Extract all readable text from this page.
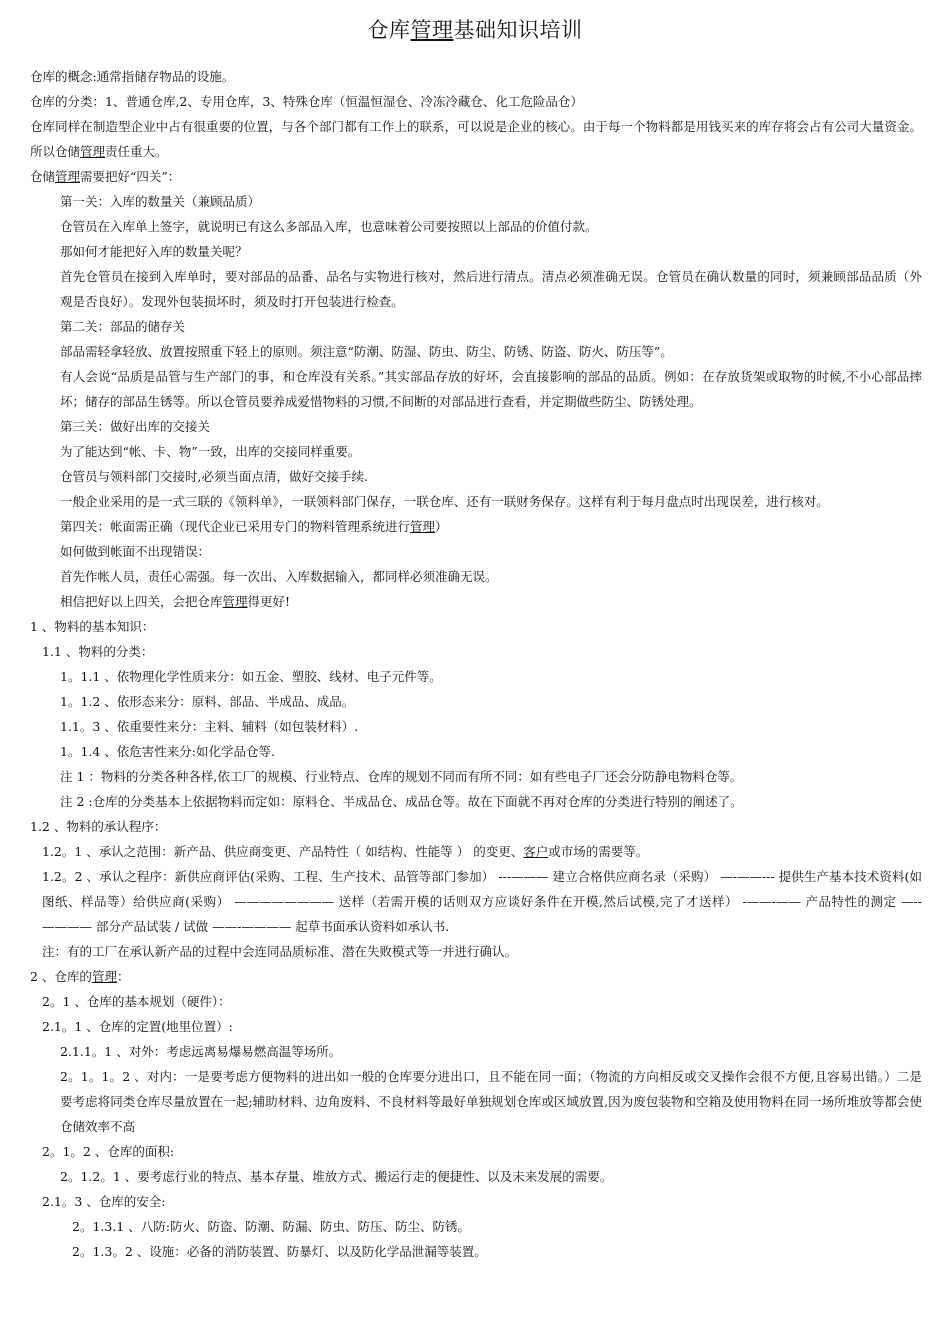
仓库管理基础知识培训

仓库的概念:通常指储存物品的设施。

仓库的分类：1、普通仓库,2、专用仓库，3、特殊仓库（恒温恒湿仓、冷冻冷藏仓、化工危险品仓）

仓库同样在制造型企业中占有很重要的位置，与各个部门都有工作上的联系，可以说是企业的核心。由于每一个物料都是用钱买来的库存将会占有公司大量资金。所以仓储管理责任重大。

仓储管理需要把好“四关”：

第一关：入库的数量关（兼顾品质）

仓管员在入库单上签字，就说明已有这么多部品入库，也意味着公司要按照以上部品的价值付款。

那如何才能把好入库的数量关呢？

首先仓管员在接到入库单时，要对部品的品番、品名与实物进行核对，然后进行清点。清点必须准确无误。仓管员在确认数量的同时，须兼顾部品品质（外观是否良好）。发现外包装损坏时，须及时打开包装进行检查。

第二关：部品的储存关

部品需轻拿轻放、放置按照重下轻上的原则。须注意“防潮、防湿、防虫、防尘、防锈、防盗、防火、防压等”。

有人会说“品质是品管与生产部门的事，和仓库没有关系。”其实部品存放的好坏，会直接影响的部品的品质。例如：在存放货架或取物的时候,不小心部品摔坏；储存的部品生锈等。所以仓管员要养成爱惜物料的习惯,不间断的对部品进行查看，并定期做些防尘、防锈处理。

第三关：做好出库的交接关

为了能达到“帐、卡、物”一致，出库的交接同样重要。

仓管员与领料部门交接时,必须当面点清，做好交接手续.

一般企业采用的是一式三联的《领料单》，一联领料部门保存，一联仓库、还有一联财务保存。这样有利于每月盘点时出现误差，进行核对。

第四关：帐面需正确（现代企业已采用专门的物料管理系统进行管理）

如何做到帐面不出现错误：

首先作帐人员，责任心需强。每一次出、入库数据输入，都同样必须准确无误。

相信把好以上四关，会把仓库管理得更好!

1 、物料的基本知识：

1.1 、物料的分类：

1。1.1 、依物理化学性质来分：如五金、塑胶、线材、电子元件等。

1。1.2 、依形态来分：原料、部品、半成品、成品。

1.1。3 、依重要性来分：主料、辅料（如包装材料）.

1。1.4 、依危害性来分:如化学品仓等.

注 1 ：物料的分类各种各样,依工厂的规模、行业特点、仓库的规划不同而有所不同：如有些电子厂还会分防静电物料仓等。

注 2 :仓库的分类基本上依据物料而定如：原料仓、半成品仓、成品仓等。故在下面就不再对仓库的分类进行特别的阐述了。

1.2 、物料的承认程序：

1.2。1 、承认之范围：新产品、供应商变更、产品特性（ 如结构、性能等 ） 的变更、客户或市场的需要等。

1.2。2 、承认之程序：新供应商评估(采购、工程、生产技术、品管等部门参加） ---——— 建立合格供应商名录（采购） —-——--- 提供生产基本技术资料(如图纸、样品等）给供应商(采购） ———————— 送样（若需开模的话则双方应谈好条件在开模,然后试模,完了才送样） -——-—— 产品特性的测定 —--———— 部分产品试装 / 试做 ——-———— 起草书面承认资料如承认书.

注：有的工厂在承认新产品的过程中会连同品质标准、潜在失败模式等一并进行确认。

2 、仓库的管理：

2。1 、仓库的基本规划（硬件）：

2.1。1 、仓库的定置(地里位置）:

2.1.1。1 、对外：考虑远离易爆易燃高温等场所。

2。1。1。2 、对内：一是要考虑方便物料的进出如一般的仓库要分进出口，且不能在同一面；（物流的方向相反或交叉操作会很不方便,且容易出错。）二是要考虑将同类仓库尽量放置在一起;辅助材料、边角废料、不良材料等最好单独规划仓库或区域放置,因为废包装物和空箱及使用物料在同一场所堆放等都会使仓储效率不高

2。1。2 、仓库的面积:

2。1.2。1 、要考虑行业的特点、基本存量、堆放方式、搬运行走的便捷性、以及未来发展的需要。

2.1。3 、仓库的安全:

2。1.3.1 、八防:防火、防盗、防潮、防漏、防虫、防压、防尘、防锈。

2。1.3。2 、设施：必备的消防装置、防暴灯、以及防化学品泄漏等装置。
